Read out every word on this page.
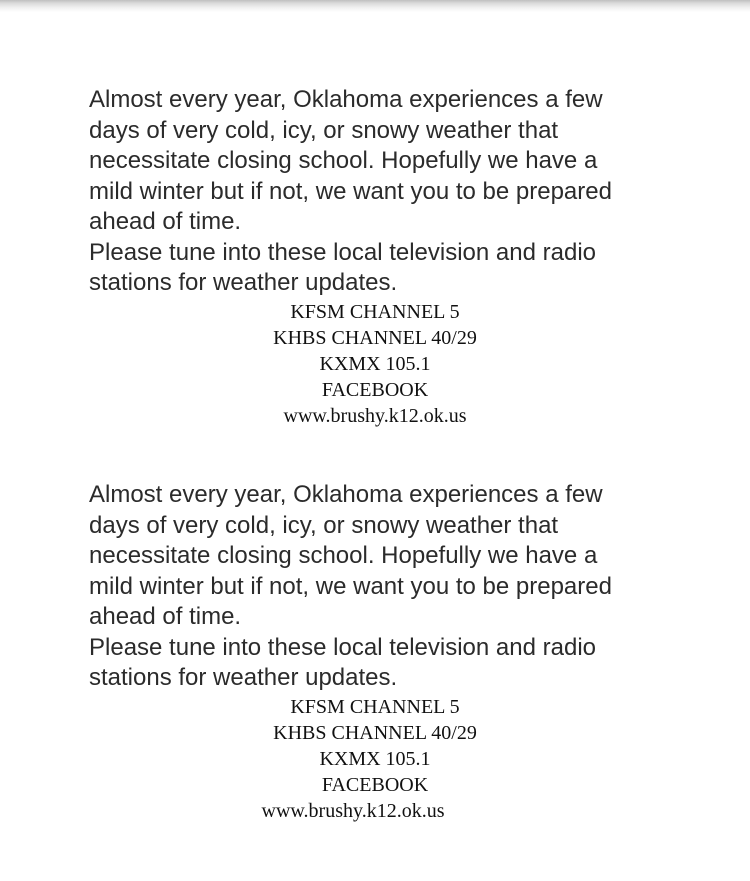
Almost every year, Oklahoma experiences a few
days of very cold, icy, or snowy weather that
necessitate closing school. Hopefully we have a
mild winter but if not, we want you to be prepared
ahead of time.

Please tune into these local television and radio
stations for weather updates.

KFSM CHANNEL 5
KHBS CHANNEL 40/29
KXMX 105.1
FACEBOOK
www.brushy.k12.ok.us

Almost every year, Oklahoma experiences a few
days of very cold, icy, or snowy weather that
necessitate closing school. Hopefully we have a
mild winter but if not, we want you to be prepared
ahead of time.

Please tune into these local television and radio
stations for weather updates.

KFSM CHANNEL 5
KHBS CHANNEL 40/29
KXMX 105.1
FACEBOOK
www.brushy.k12.ok.us
